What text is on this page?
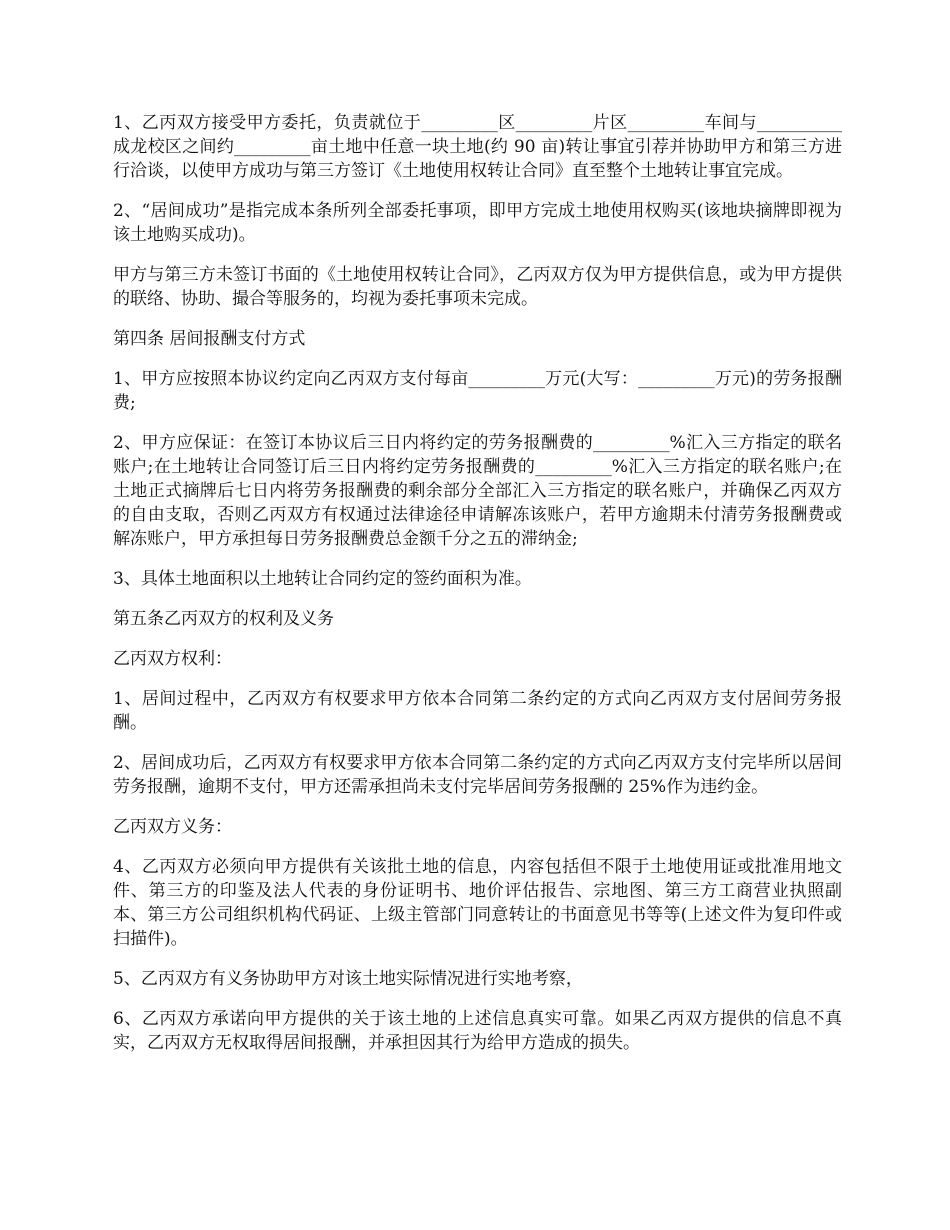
1、乙丙双方接受甲方委托，负责就位于_________区_________片区_________车间与__________成龙校区之间约_________亩土地中任意一块土地(约 90 亩)转让事宜引荐并协助甲方和第三方进行洽谈，以使甲方成功与第三方签订《土地使用权转让合同》直至整个土地转让事宜完成。

2、“居间成功”是指完成本条所列全部委托事项，即甲方完成土地使用权购买(该地块摘牌即视为该土地购买成功)。

甲方与第三方未签订书面的《土地使用权转让合同》，乙丙双方仅为甲方提供信息，或为甲方提供的联络、协助、撮合等服务的，均视为委托事项未完成。

第四条 居间报酬支付方式

1、甲方应按照本协议约定向乙丙双方支付每亩_________万元(大写：_________万元)的劳务报酬费;

2、甲方应保证：在签订本协议后三日内将约定的劳务报酬费的_________%汇入三方指定的联名账户;在土地转让合同签订后三日内将约定劳务报酬费的_________%汇入三方指定的联名账户;在土地正式摘牌后七日内将劳务报酬费的剩余部分全部汇入三方指定的联名账户，并确保乙丙双方的自由支取，否则乙丙双方有权通过法律途径申请解冻该账户，若甲方逾期未付清劳务报酬费或解冻账户，甲方承担每日劳务报酬费总金额千分之五的滞纳金;

3、具体土地面积以土地转让合同约定的签约面积为准。

第五条乙丙双方的权利及义务

乙丙双方权利：

1、居间过程中，乙丙双方有权要求甲方依本合同第二条约定的方式向乙丙双方支付居间劳务报酬。

2、居间成功后，乙丙双方有权要求甲方依本合同第二条约定的方式向乙丙双方支付完毕所以居间劳务报酬，逾期不支付，甲方还需承担尚未支付完毕居间劳务报酬的 25%作为违约金。

乙丙双方义务：

4、乙丙双方必须向甲方提供有关该批土地的信息，内容包括但不限于土地使用证或批准用地文件、第三方的印鉴及法人代表的身份证明书、地价评估报告、宗地图、第三方工商营业执照副本、第三方公司组织机构代码证、上级主管部门同意转让的书面意见书等等(上述文件为复印件或扫描件)。

5、乙丙双方有义务协助甲方对该土地实际情况进行实地考察，

6、乙丙双方承诺向甲方提供的关于该土地的上述信息真实可靠。如果乙丙双方提供的信息不真实，乙丙双方无权取得居间报酬，并承担因其行为给甲方造成的损失。
